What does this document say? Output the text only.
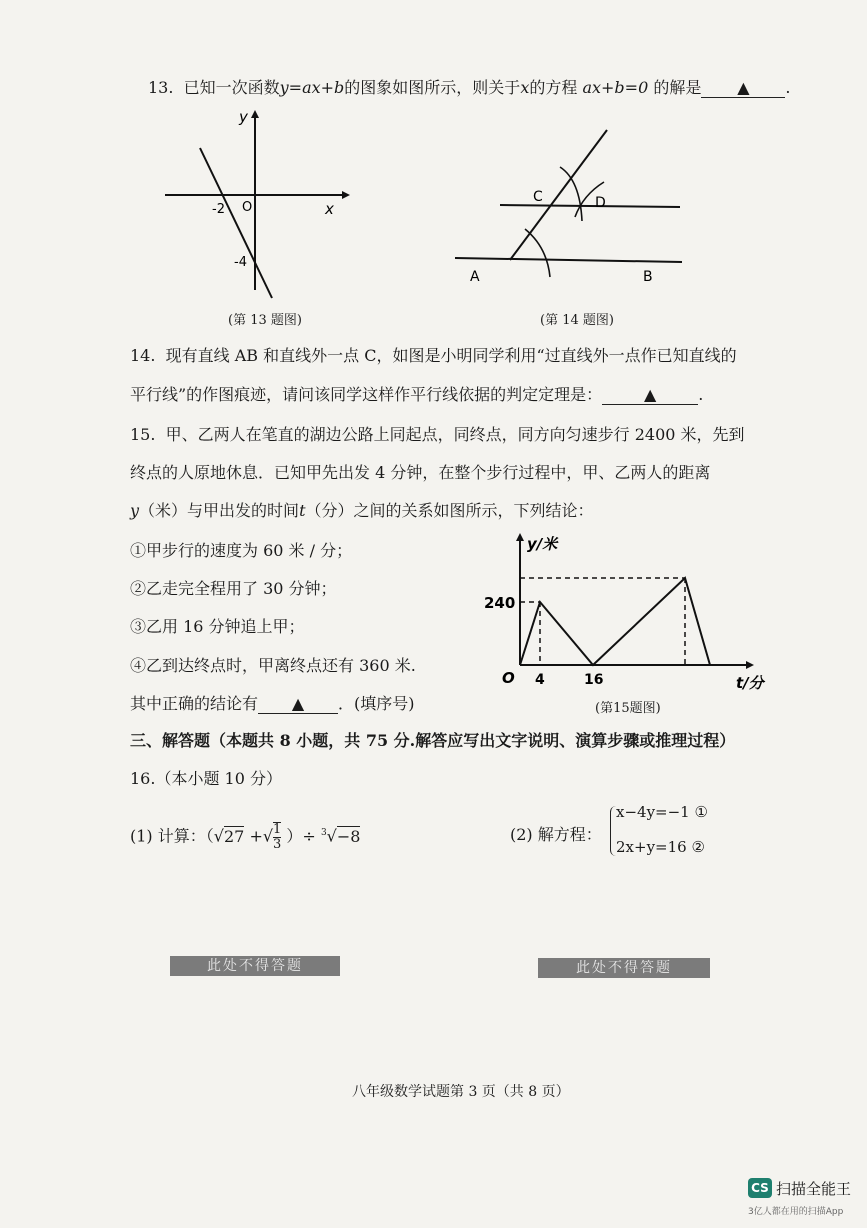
13. 已知一次函数y=ax+b的图象如图所示，则关于x的方程 ax+b=0 的解是 ▲ .
y
x
O
-2
-4
(第 13 题图)
A	B
C	D
(第 14 题图)
14. 现有直线 AB 和直线外一点 C，如图是小明同学利用“过直线外一点作已知直线的
平行线”的作图痕迹，请问该同学这样作平行线依据的判定定理是：	▲	.
15. 甲、乙两人在笔直的湖边公路上同起点，同终点，同方向匀速步行 2400 米，先到
终点的人原地休息．已知甲先出发 4 分钟，在整个步行过程中，甲、乙两人的距离
y（米）与甲出发的时间t（分）之间的关系如图所示，下列结论：
①甲步行的速度为 60 米 / 分；
②乙走完全程用了 30 分钟；
③乙用 16 分钟追上甲；
④乙到达终点时，甲离终点还有 360 米.
其中正确的结论有 ▲ ．(填序号)
y/米
t/分
O
240
4	16
(第15题图)
三、解答题（本题共 8 小题，共 75 分.解答应写出文字说明、演算步骤或推理过程）
16.（本小题 10 分）
(1) 计算：（√27 +√ $\frac{1}{3}$ ）÷ $^3$√−8	(2) 解方程：
x−4y=−1 ①
2x+y=16 ②
此处不得答题	此处不得答题
八年级数学试题第 3 页（共 8 页）
CS 扫描全能王
3亿人都在用的扫描App
